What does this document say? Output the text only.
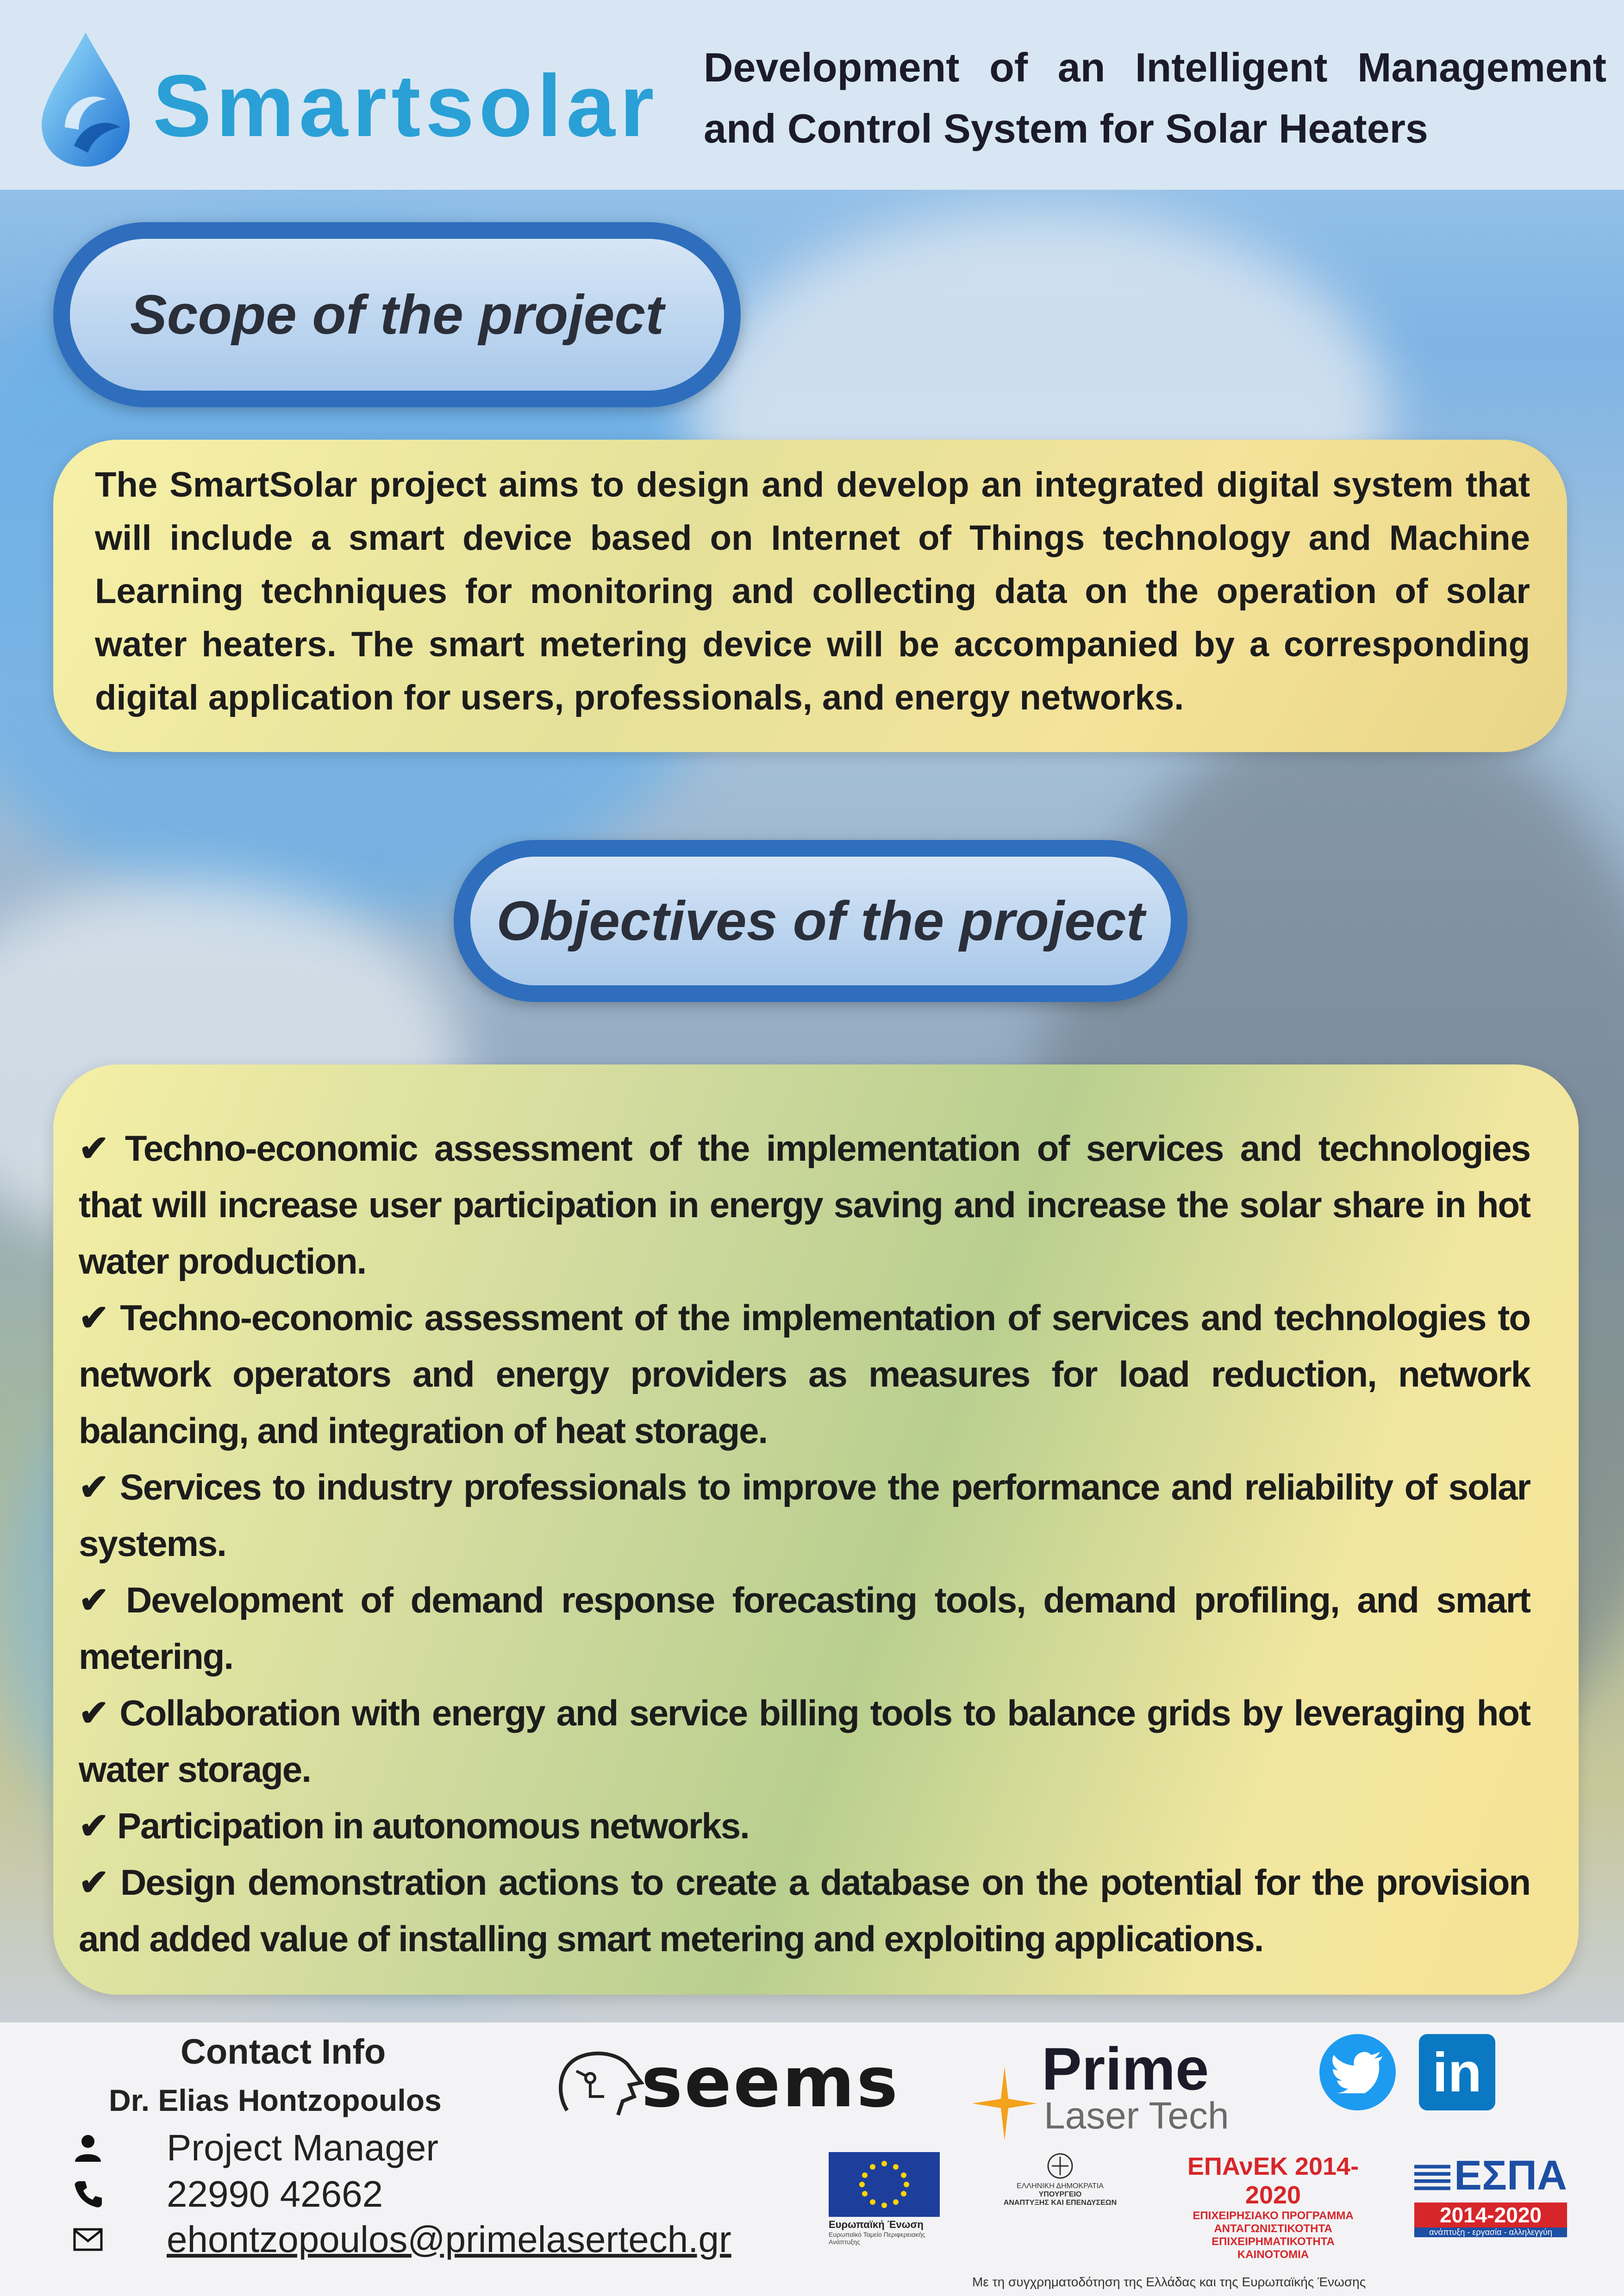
Smartsolar Development of an Intelligent Management and Control System for Solar Heaters
Scope of the project
The SmartSolar project aims to design and develop an integrated digital system that will include a smart device based on Internet of Things technology and Machine Learning techniques for monitoring and collecting data on the operation of solar water heaters. The smart metering device will be accompanied by a corresponding digital application for users, professionals, and energy networks.
Objectives of the project

✔ Techno-economic assessment of the implementation of services and technologies that will increase user participation in energy saving and increase the solar share in hot water production.

✔ Techno-economic assessment of the implementation of services and technologies to network operators and energy providers as measures for load reduction, network balancing, and integration of heat storage.

✔ Services to industry professionals to improve the performance and reliability of solar systems.

✔ Development of demand response forecasting tools, demand profiling, and smart metering.

✔ Collaboration with energy and service billing tools to balance grids by leveraging hot water storage.

✔ Participation in autonomous networks.

✔ Design demonstration actions to create a database on the potential for the provision and added value of installing smart metering and exploiting applications.

Contact Info
Dr. Elias Hontzopoulos
Project Manager
22990 42662
ehontzopoulos@primelasertech.gr
seems Prime
Laser Tech
in
Ευρωπαϊκή Ένωση
Ευρωπαϊκό Ταμείο Περιφερειακής Ανάπτυξης
ΕΛΛΗΝΙΚΗ ΔΗΜΟΚΡΑΤΙΑ
ΥΠΟΥΡΓΕΙΟ
ΑΝΑΠΤΥΞΗΣ ΚΑΙ ΕΠΕΝΔΥΣΕΩΝ
ΕΠΑνΕΚ 2014-2020
ΕΠΙΧΕΙΡΗΣΙΑΚΟ ΠΡΟΓΡΑΜΜΑ
ΑΝΤΑΓΩΝΙΣΤΙΚΟΤΗΤΑ
ΕΠΙΧΕΙΡΗΜΑΤΙΚΟΤΗΤΑ
ΚΑΙΝΟΤΟΜΙΑ
ΕΣΠΑ
2014-2020
ανάπτυξη - εργασία - αλληλεγγύη
Με τη συγχρηματοδότηση της Ελλάδας και της Ευρωπαϊκής Ένωσης
